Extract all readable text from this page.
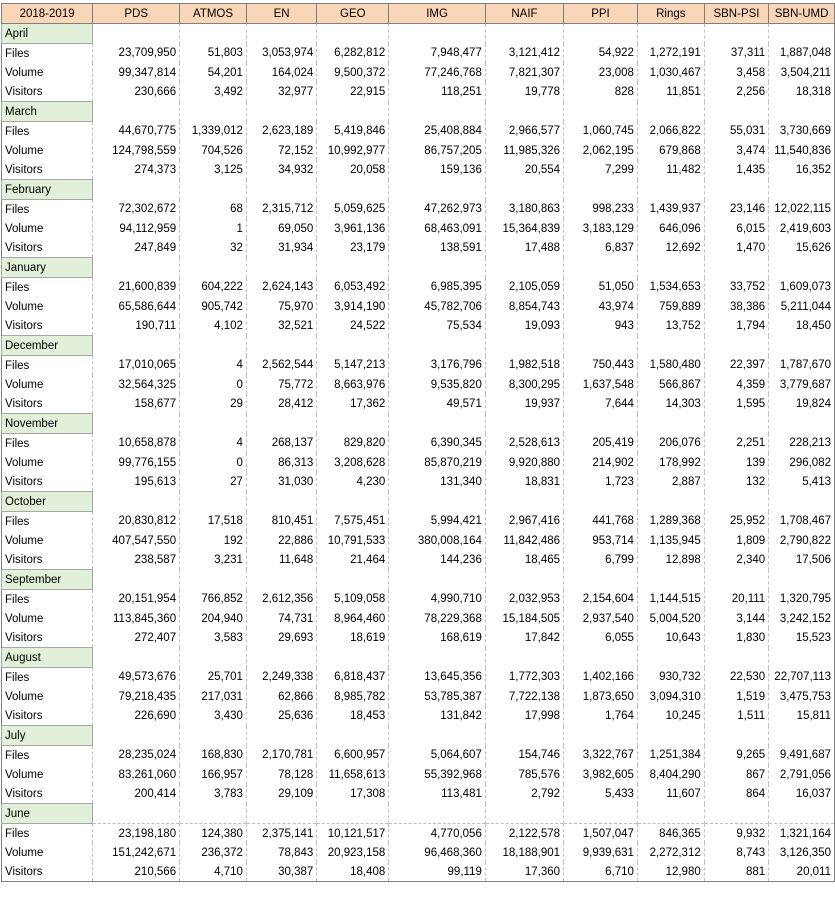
2018-2019	PDS	ATMOS	EN	GEO	IMG	NAIF	PPI	Rings	SBN-PSI	SBN-UMD
April										
Files	23,709,950	51,803	3,053,974	6,282,812	7,948,477	3,121,412	54,922	1,272,191	37,311	1,887,048
Volume	99,347,814	54,201	164,024	9,500,372	77,246,768	7,821,307	23,008	1,030,467	3,458	3,504,211
Visitors	230,666	3,492	32,977	22,915	118,251	19,778	828	11,851	2,256	18,318
March										
Files	44,670,775	1,339,012	2,623,189	5,419,846	25,408,884	2,966,577	1,060,745	2,066,822	55,031	3,730,669
Volume	124,798,559	704,526	72,152	10,992,977	86,757,205	11,985,326	2,062,195	679,868	3,474	11,540,836
Visitors	274,373	3,125	34,932	20,058	159,136	20,554	7,299	11,482	1,435	16,352
February										
Files	72,302,672	68	2,315,712	5,059,625	47,262,973	3,180,863	998,233	1,439,937	23,146	12,022,115
Volume	94,112,959	1	69,050	3,961,136	68,463,091	15,364,839	3,183,129	646,096	6,015	2,419,603
Visitors	247,849	32	31,934	23,179	138,591	17,488	6,837	12,692	1,470	15,626
January										
Files	21,600,839	604,222	2,624,143	6,053,492	6,985,395	2,105,059	51,050	1,534,653	33,752	1,609,073
Volume	65,586,644	905,742	75,970	3,914,190	45,782,706	8,854,743	43,974	759,889	38,386	5,211,044
Visitors	190,711	4,102	32,521	24,522	75,534	19,093	943	13,752	1,794	18,450
December										
Files	17,010,065	4	2,562,544	5,147,213	3,176,796	1,982,518	750,443	1,580,480	22,397	1,787,670
Volume	32,564,325	0	75,772	8,663,976	9,535,820	8,300,295	1,637,548	566,867	4,359	3,779,687
Visitors	158,677	29	28,412	17,362	49,571	19,937	7,644	14,303	1,595	19,824
November										
Files	10,658,878	4	268,137	829,820	6,390,345	2,528,613	205,419	206,076	2,251	228,213
Volume	99,776,155	0	86,313	3,208,628	85,870,219	9,920,880	214,902	178,992	139	296,082
Visitors	195,613	27	31,030	4,230	131,340	18,831	1,723	2,887	132	5,413
October										
Files	20,830,812	17,518	810,451	7,575,451	5,994,421	2,967,416	441,768	1,289,368	25,952	1,708,467
Volume	407,547,550	192	22,886	10,791,533	380,008,164	11,842,486	953,714	1,135,945	1,809	2,790,822
Visitors	238,587	3,231	11,648	21,464	144,236	18,465	6,799	12,898	2,340	17,506
September										
Files	20,151,954	766,852	2,612,356	5,109,058	4,990,710	2,032,953	2,154,604	1,144,515	20,111	1,320,795
Volume	113,845,360	204,940	74,731	8,964,460	78,229,368	15,184,505	2,937,540	5,004,520	3,144	3,242,152
Visitors	272,407	3,583	29,693	18,619	168,619	17,842	6,055	10,643	1,830	15,523
August										
Files	49,573,676	25,701	2,249,338	6,818,437	13,645,356	1,772,303	1,402,166	930,732	22,530	22,707,113
Volume	79,218,435	217,031	62,866	8,985,782	53,785,387	7,722,138	1,873,650	3,094,310	1,519	3,475,753
Visitors	226,690	3,430	25,636	18,453	131,842	17,998	1,764	10,245	1,511	15,811
July										
Files	28,235,024	168,830	2,170,781	6,600,957	5,064,607	154,746	3,322,767	1,251,384	9,265	9,491,687
Volume	83,261,060	166,957	78,128	11,658,613	55,392,968	785,576	3,982,605	8,404,290	867	2,791,056
Visitors	200,414	3,783	29,109	17,308	113,481	2,792	5,433	11,607	864	16,037
June										
Files	23,198,180	124,380	2,375,141	10,121,517	4,770,056	2,122,578	1,507,047	846,365	9,932	1,321,164
Volume	151,242,671	236,372	78,843	20,923,158	96,468,360	18,188,901	9,939,631	2,272,312	8,743	3,126,350
Visitors	210,566	4,710	30,387	18,408	99,119	17,360	6,710	12,980	881	20,011
